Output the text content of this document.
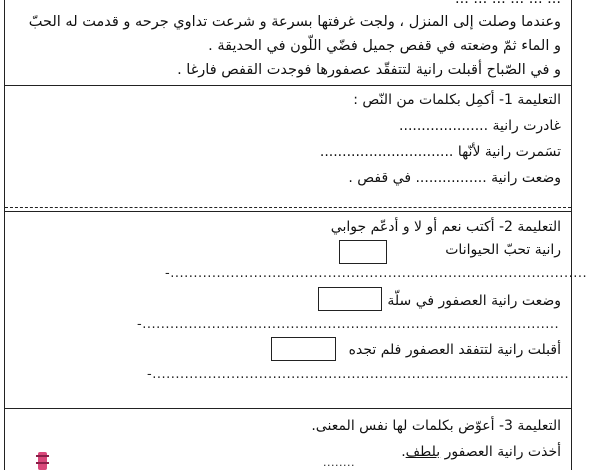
وعندما وصلت إلى المنزل ، ولجت غرفتها بسرعة و شرعت تداوي جرحه و قدمت له الحبّ
و الماء ثمّ وضعته في قفص جميل فضّي اللّون في الحديقة .
و في الصّباح أقبلت رانية لتتفقّد عصفورها فوجدت القفص فارغا .
التعليمة 1- أكمِل بكلمات من النّص :
غادرت رانية ....................
تسَمرت رانية لأنّها ..............................
وضعت رانية ................ في قفص .
التعليمة 2- أكتب نعم أو لا و أدعّم جوابي
رانية تحبّ الحيوانات
-..........................................................................................
وضعت رانية العصفور في سلّة
-..........................................................................................
أقبلت رانية لتتفقد العصفور فلم تجده
-..........................................................................................
التعليمة 3- أعوّض بكلمات لها نفس المعنى.
أخذت رانية العصفور بلطف.
........
